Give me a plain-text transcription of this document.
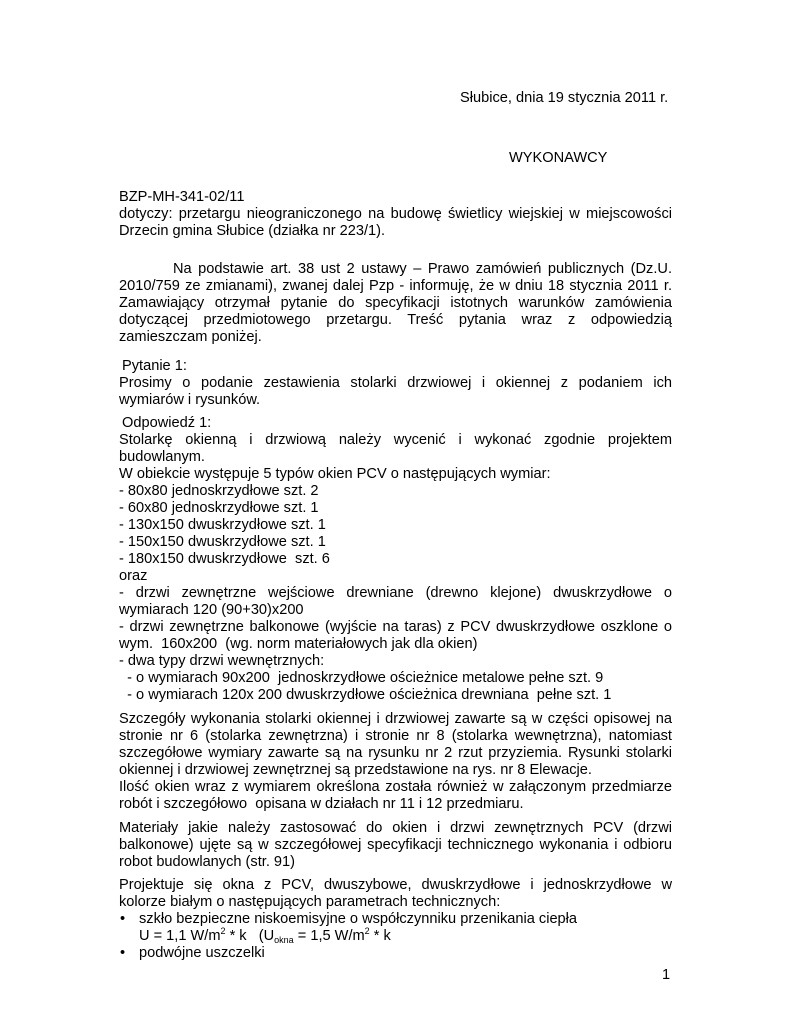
Słubice, dnia 19 stycznia 2011 r.
WYKONAWCY
BZP-MH-341-02/11
dotyczy: przetargu nieograniczonego na budowę świetlicy wiejskiej w miejscowości
Drzecin gmina Słubice (działka nr 223/1).
Na podstawie art. 38 ust 2 ustawy – Prawo zamówień publicznych (Dz.U.
2010/759 ze zmianami), zwanej dalej Pzp - informuję, że w dniu 18 stycznia 2011 r.
Zamawiający otrzymał pytanie do specyfikacji istotnych warunków zamówienia
dotyczącej przedmiotowego przetargu. Treść pytania wraz z odpowiedzią
zamieszczam poniżej.
Pytanie 1:
Prosimy o podanie zestawienia stolarki drzwiowej i okiennej z podaniem ich
wymiarów i rysunków.
Odpowiedź 1:
Stolarkę okienną i drzwiową należy wycenić i wykonać zgodnie projektem
budowlanym.
W obiekcie występuje 5 typów okien PCV o następujących wymiar:
- 80x80 jednoskrzydłowe szt. 2
- 60x80 jednoskrzydłowe szt. 1
- 130x150 dwuskrzydłowe szt. 1
- 150x150 dwuskrzydłowe szt. 1
- 180x150 dwuskrzydłowe  szt. 6
oraz
- drzwi zewnętrzne wejściowe drewniane (drewno klejone) dwuskrzydłowe o
wymiarach 120 (90+30)x200
- drzwi zewnętrzne balkonowe (wyjście na taras) z PCV dwuskrzydłowe oszklone o
wym.  160x200  (wg. norm materiałowych jak dla okien)
- dwa typy drzwi wewnętrznych:
- o wymiarach 90x200  jednoskrzydłowe ościeżnice metalowe pełne szt. 9
- o wymiarach 120x 200 dwuskrzydłowe ościeżnica drewniana  pełne szt. 1
Szczegóły wykonania stolarki okiennej i drzwiowej zawarte są w części opisowej na
stronie nr 6 (stolarka zewnętrzna) i stronie nr 8 (stolarka wewnętrzna), natomiast
szczegółowe wymiary zawarte są na rysunku nr 2 rzut przyziemia. Rysunki stolarki
okiennej i drzwiowej zewnętrznej są przedstawione na rys. nr 8 Elewacje.
Ilość okien wraz z wymiarem określona została również w załączonym przedmiarze
robót i szczegółowo  opisana w działach nr 11 i 12 przedmiaru.
Materiały jakie należy zastosować do okien i drzwi zewnętrznych PCV (drzwi
balkonowe) ujęte są w szczegółowej specyfikacji technicznego wykonania i odbioru
robot budowlanych (str. 91)
Projektuje się okna z PCV, dwuszybowe, dwuskrzydłowe i jednoskrzydłowe w
kolorze białym o następujących parametrach technicznych:
• szkło bezpieczne niskoemisyjne o współczynniku przenikania ciepła
U = 1,1 $W/m^2$ * k   ($U_{okna} = 1,5$ $W/m^2$ * k
• podwójne uszczelki
1
